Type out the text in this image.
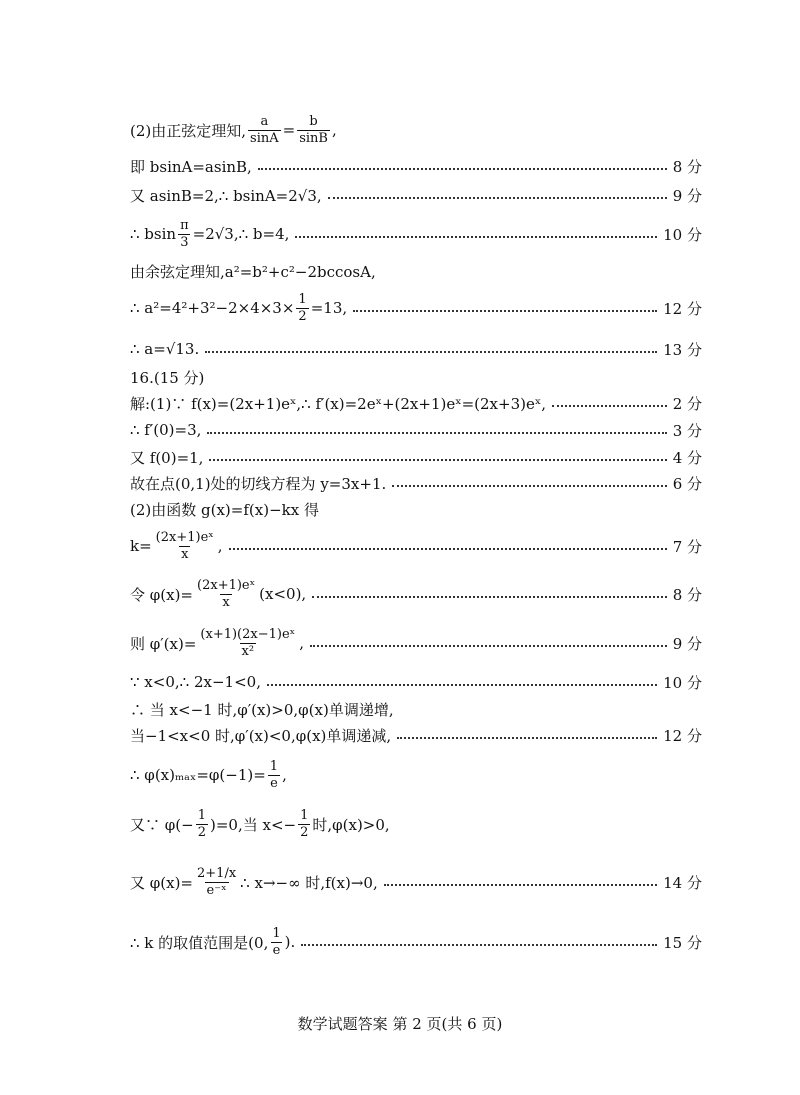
(2)由正弦定理知, $\frac{a}{\sin A} = \frac{b}{\sin B}$ ,
即 bsinA=asinB,	8 分
又 asinB=2,∴ bsinA=2√3,	9 分
∴ bsin $\frac{\pi}{3}$ =2√3,∴ b=4,	10 分
由余弦定理知,a²=b²+c²−2bccosA,
∴ $a^2=4^2+3^2-2\times 4\times 3\times \frac{1}{2} =13$,	12 分
∴ a=√13.	13 分
16.(15 分)
解:(1)∵ f(x)=(2x+1)eˣ,∴ f′(x)=2eˣ+(2x+1)eˣ=(2x+3)eˣ,	2 分
∴ f′(0)=3,	3 分
又 f(0)=1,	4 分
故在点(0,1)处的切线方程为 y=3x+1.	6 分
(2)由函数 g(x)=f(x)−kx 得
$k= \frac{\text{(2x+1)eˣ}}{x}$ ,	7 分
令 $\varphi(x)= \frac{\text{(2x+1)eˣ}}{x} (x<0)$,	8 分
则 $\varphi'(x)= \frac{\text{(x+1)(2x−1)eˣ}}{\text{x²}}$ ,	9 分
∵ x<0,∴ 2x−1<0,	10 分
∴ 当 x<−1 时,φ′(x)>0,φ(x)单调递增,
当−1<x<0 时,φ′(x)<0,φ(x)单调递减,	12 分
∴ $\varphi(x)_{max}=\varphi(-1)= \frac{1}{e}$ ,
又∵ $\varphi(- \frac{1}{2} )=0$,当 $x<- \frac{1}{2}$ 时,φ(x)>0,
又 $\varphi(x)= \frac{2+1/x}{\text{e⁻ˣ}}$ ∴ x→−∞ 时,f(x)→0,	14 分
∴ k 的取值范围是(0, $\frac{1}{e}$ ).	15 分
数学试题答案 第 2 页(共 6 页)
